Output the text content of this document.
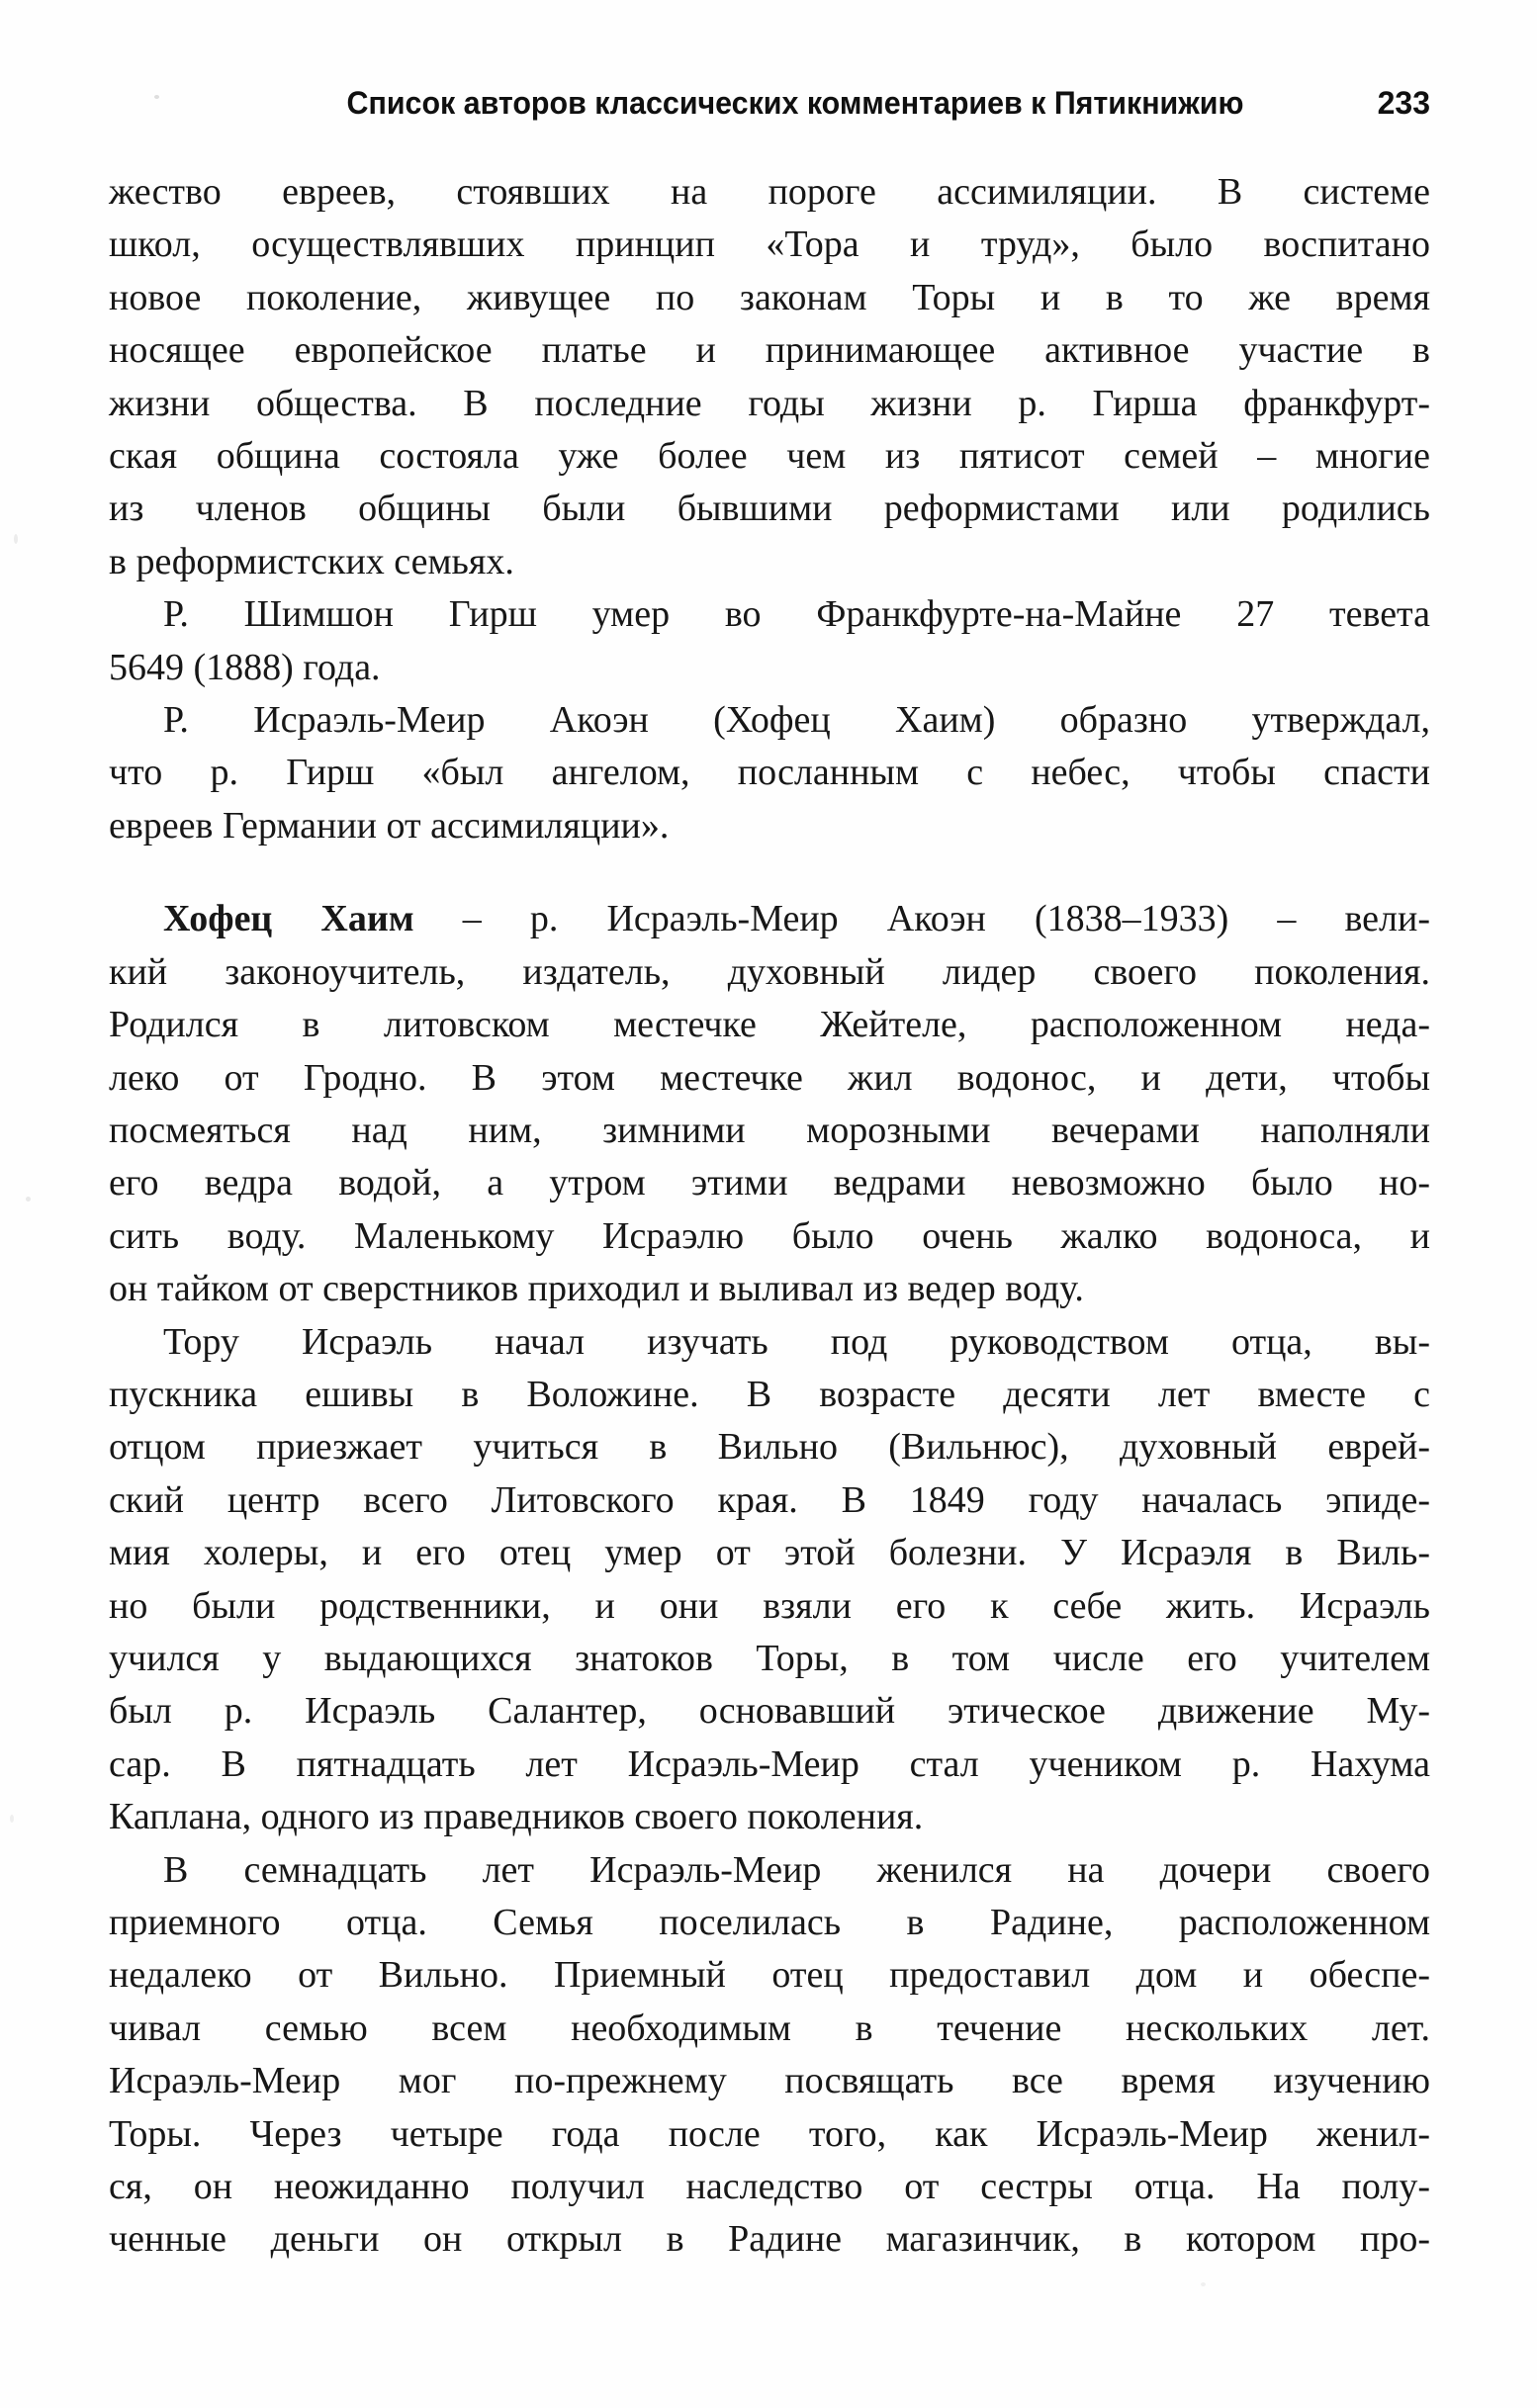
Список авторов классических комментариев к Пятикнижию	233
жество евреев, стоявших на пороге ассимиляции. В системе
школ, осуществлявших принцип «Тора и труд», было воспитано
новое поколение, живущее по законам Торы и в то же время
носящее европейское платье и принимающее активное участие в
жизни общества. В последние годы жизни р. Гирша франкфурт-
ская община состояла уже более чем из пятисот семей – многие
из членов общины были бывшими реформистами или родились
в реформистских семьях.
Р. Шимшон Гирш умер во Франкфурте-на-Майне 27 тевета
5649 (1888) года.
Р. Исраэль-Меир Акоэн (Хофец Хаим) образно утверждал,
что р. Гирш «был ангелом, посланным с небес, чтобы спасти
евреев Германии от ассимиляции».
Хофец Хаим – р. Исраэль-Меир Акоэн (1838–1933) – вели-
кий законоучитель, издатель, духовный лидер своего поколения.
Родился в литовском местечке Жейтеле, расположенном неда-
леко от Гродно. В этом местечке жил водонос, и дети, чтобы
посмеяться над ним, зимними морозными вечерами наполняли
его ведра водой, а утром этими ведрами невозможно было но-
сить воду. Маленькому Исраэлю было очень жалко водоноса, и
он тайком от сверстников приходил и выливал из ведер воду.
Тору Исраэль начал изучать под руководством отца, вы-
пускника ешивы в Воложине. В возрасте десяти лет вместе с
отцом приезжает учиться в Вильно (Вильнюс), духовный еврей-
ский центр всего Литовского края. В 1849 году началась эпиде-
мия холеры, и его отец умер от этой болезни. У Исраэля в Виль-
но были родственники, и они взяли его к себе жить. Исраэль
учился у выдающихся знатоков Торы, в том числе его учителем
был р. Исраэль Салантер, основавший этическое движение Му-
сар. В пятнадцать лет Исраэль-Меир стал учеником р. Нахума
Каплана, одного из праведников своего поколения.
В семнадцать лет Исраэль-Меир женился на дочери своего
приемного отца. Семья поселилась в Радине, расположенном
недалеко от Вильно. Приемный отец предоставил дом и обеспе-
чивал семью всем необходимым в течение нескольких лет.
Исраэль-Меир мог по-прежнему посвящать все время изучению
Торы. Через четыре года после того, как Исраэль-Меир женил-
ся, он неожиданно получил наследство от сестры отца. На полу-
ченные деньги он открыл в Радине магазинчик, в котором про-
